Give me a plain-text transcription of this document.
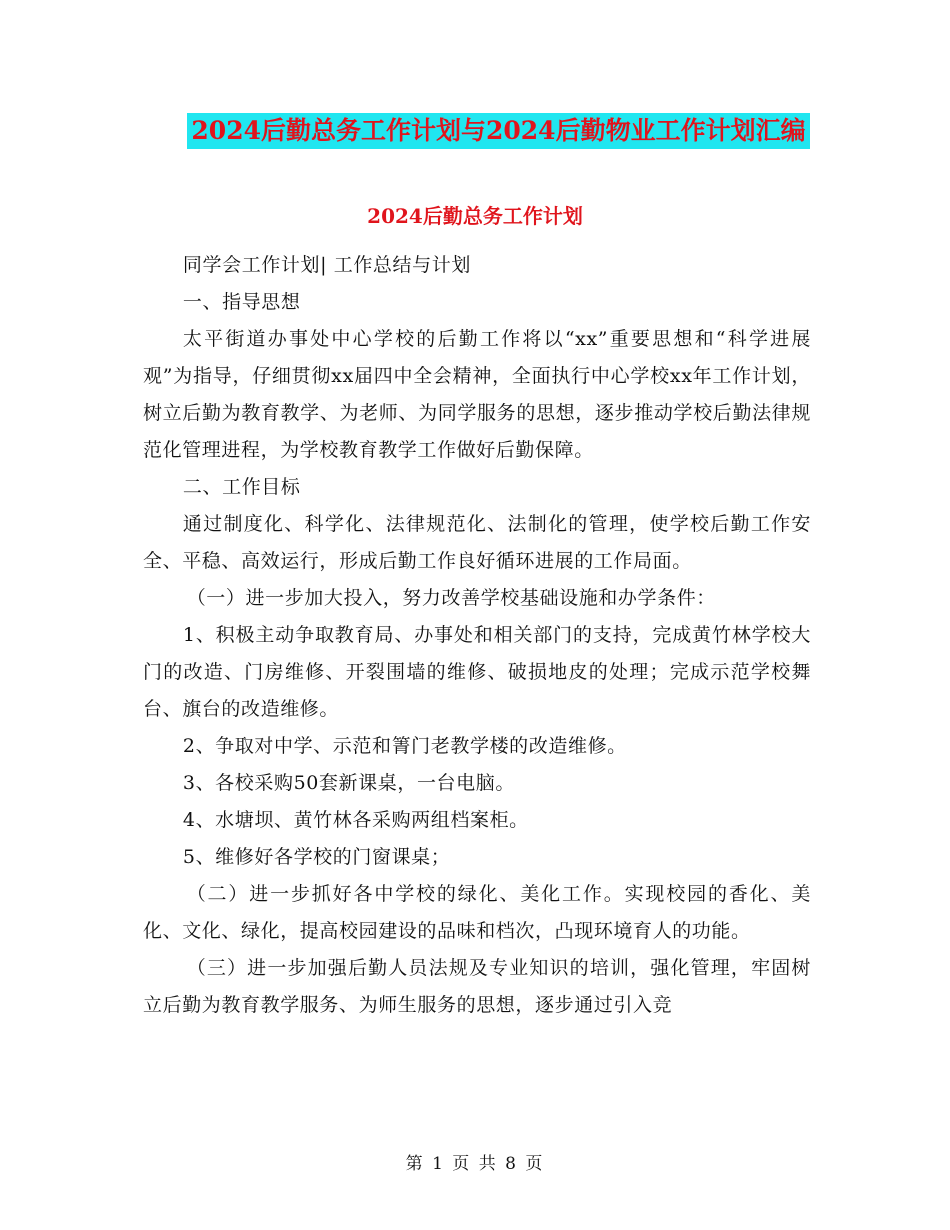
2024后勤总务工作计划与2024后勤物业工作计划汇编
2024后勤总务工作计划

同学会工作计划| 工作总结与计划

一、指导思想

太平街道办事处中心学校的后勤工作将以“xx”重要思想和“科学进展观”为指导，仔细贯彻xx届四中全会精神，全面执行中心学校xx年工作计划，树立后勤为教育教学、为老师、为同学服务的思想，逐步推动学校后勤法律规范化管理进程，为学校教育教学工作做好后勤保障。

二、工作目标

通过制度化、科学化、法律规范化、法制化的管理，使学校后勤工作安全、平稳、高效运行，形成后勤工作良好循环进展的工作局面。

（一）进一步加大投入，努力改善学校基础设施和办学条件：

1、积极主动争取教育局、办事处和相关部门的支持，完成黄竹林学校大门的改造、门房维修、开裂围墙的维修、破损地皮的处理；完成示范学校舞台、旗台的改造维修。

2、争取对中学、示范和箐门老教学楼的改造维修。

3、各校采购50套新课桌，一台电脑。

4、水塘坝、黄竹林各采购两组档案柜。

5、维修好各学校的门窗课桌；

（二）进一步抓好各中学校的绿化、美化工作。实现校园的香化、美化、文化、绿化，提高校园建设的品味和档次，凸现环境育人的功能。

（三）进一步加强后勤人员法规及专业知识的培训，强化管理，牢固树立后勤为教育教学服务、为师生服务的思想，逐步通过引入竞

第 1 页 共 8 页
